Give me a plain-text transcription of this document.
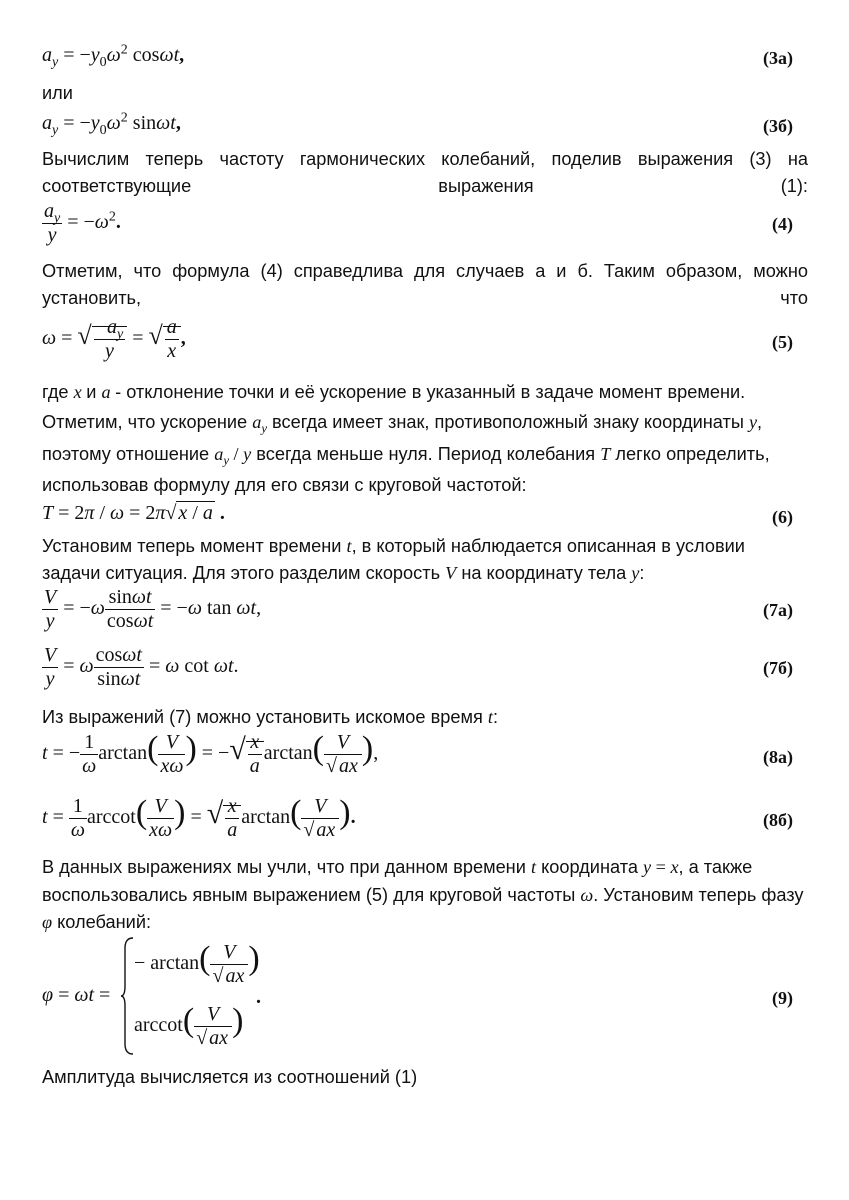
$a_y = -y_0\omega^2$ cosωt,	(3а)
или
$a_y = -y_0\omega^2$ sinωt,	(3б)
Вычислим теперь частоту гармонических колебаний, поделив выражения (3) на соответствующие выражения (1):
$\frac{a_y}{y} = -\omega^2$.	(4)
Отметим, что формула (4) справедлива для случаев а и б. Таким образом, можно установить, что
ω = √ $\frac{-a_y}{y}$ = √ $\frac{a}{x}$ ,	(5)
где x и a - отклонение точки и её ускорение в указанный в задаче момент времени.
Отметим, что ускорение $a_y$ всегда имеет знак, противоположный знаку координаты y,
поэтому отношение $a_y$ / y всегда меньше нуля. Период колебания T легко определить,
использовав формулу для его связи с круговой частотой:
T = 2π / ω = 2π√ x / a .	(6)
Установим теперь момент времени t, в который наблюдается описанная в условии
задачи ситуация. Для этого разделим скорость V на координату тела y:
$\frac{V}{y} = -\omega \frac{\sin\omega t}{\cos\omega t} = -\omega$ tan ωt,	(7а)
$\frac{V}{y} = \omega \frac{\cos\omega t}{\sin\omega t} = \omega$ cot ωt.	(7б)
Из выражений (7) можно установить искомое время t:
t = − $\frac{1}{\omega} \arctan( \frac{V}{x\omega}$ ) = −√ $\frac{x}{a} \arctan( \frac{V}{√ ax}$ ),	(8а)
$t = \frac{1}{\omega} arccot( \frac{V}{x\omega}$ ) = √ $\frac{x}{a} \arctan( \frac{V}{√ ax}$ ).	(8б)
В данных выражениях мы учли, что при данном времени t координата y = x, а также
воспользовались явным выражением (5) для круговой частоты ω. Установим теперь фазу
φ колебаний:
φ = ωt =
− $\arctan( \frac{V}{√ ax}$ )
$arccot( \frac{V}{√ ax}$ )
.	(9)
Амплитуда вычисляется из соотношений (1)
